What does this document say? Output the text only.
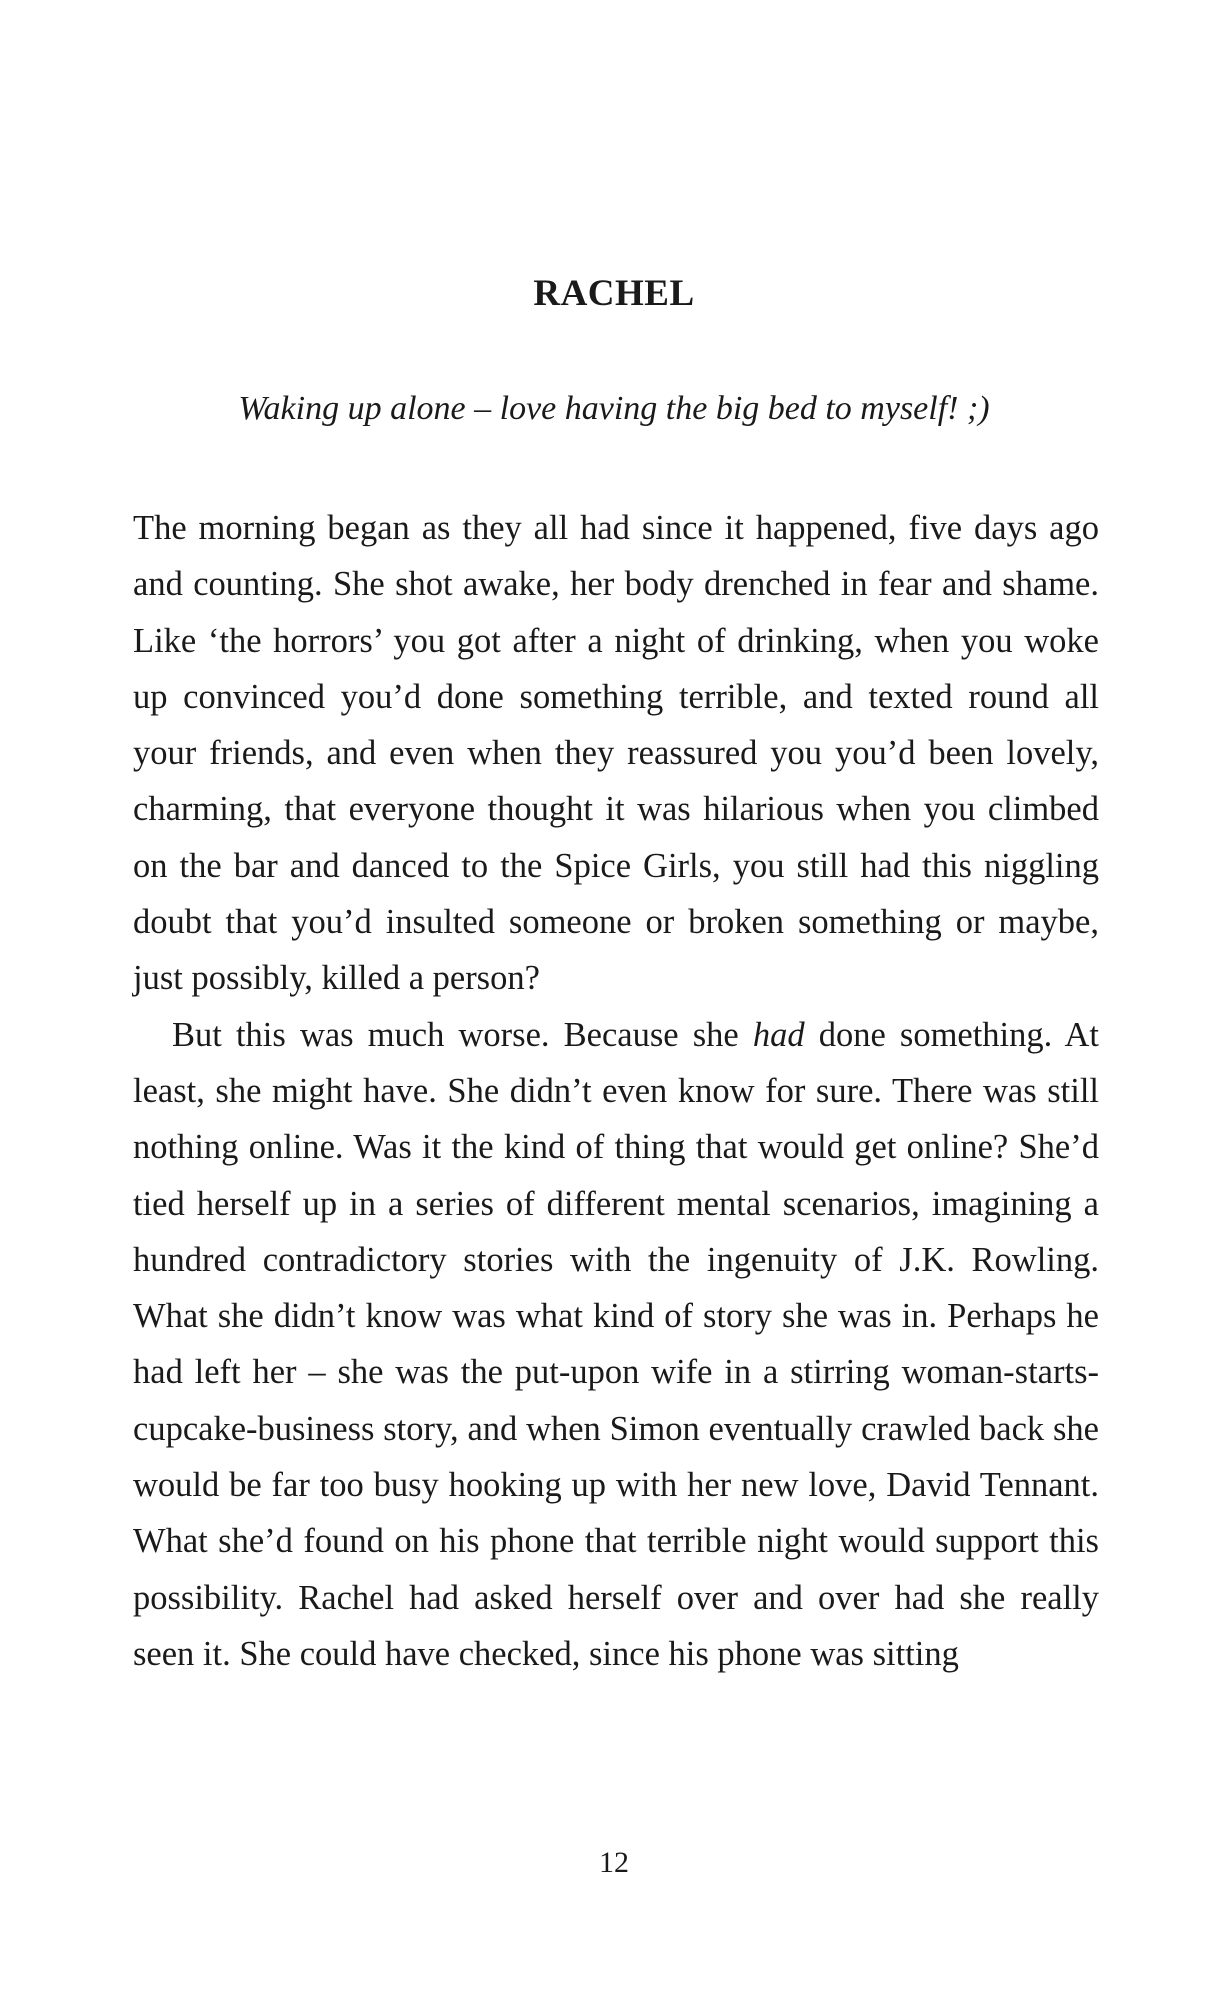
RACHEL

Waking up alone – love having the big bed to myself! ;)

The morning began as they all had since it happened, five days ago and counting. She shot awake, her body drenched in fear and shame. Like ‘the horrors’ you got after a night of drinking, when you woke up convinced you’d done something terrible, and texted round all your friends, and even when they reassured you you’d been lovely, charming, that everyone thought it was hilarious when you climbed on the bar and danced to the Spice Girls, you still had this niggling doubt that you’d insulted someone or broken something or maybe, just possibly, killed a person?

But this was much worse. Because she had done something. At least, she might have. She didn’t even know for sure. There was still nothing online. Was it the kind of thing that would get online? She’d tied herself up in a series of different mental scenarios, imagining a hundred contradictory stories with the ingenuity of J.K. Rowling. What she didn’t know was what kind of story she was in. Perhaps he had left her – she was the put-upon wife in a stirring woman-starts-cupcake-business story, and when Simon eventually crawled back she would be far too busy hooking up with her new love, David Tennant. What she’d found on his phone that terrible night would support this possibility. Rachel had asked herself over and over had she really seen it. She could have checked, since his phone was sitting

12
